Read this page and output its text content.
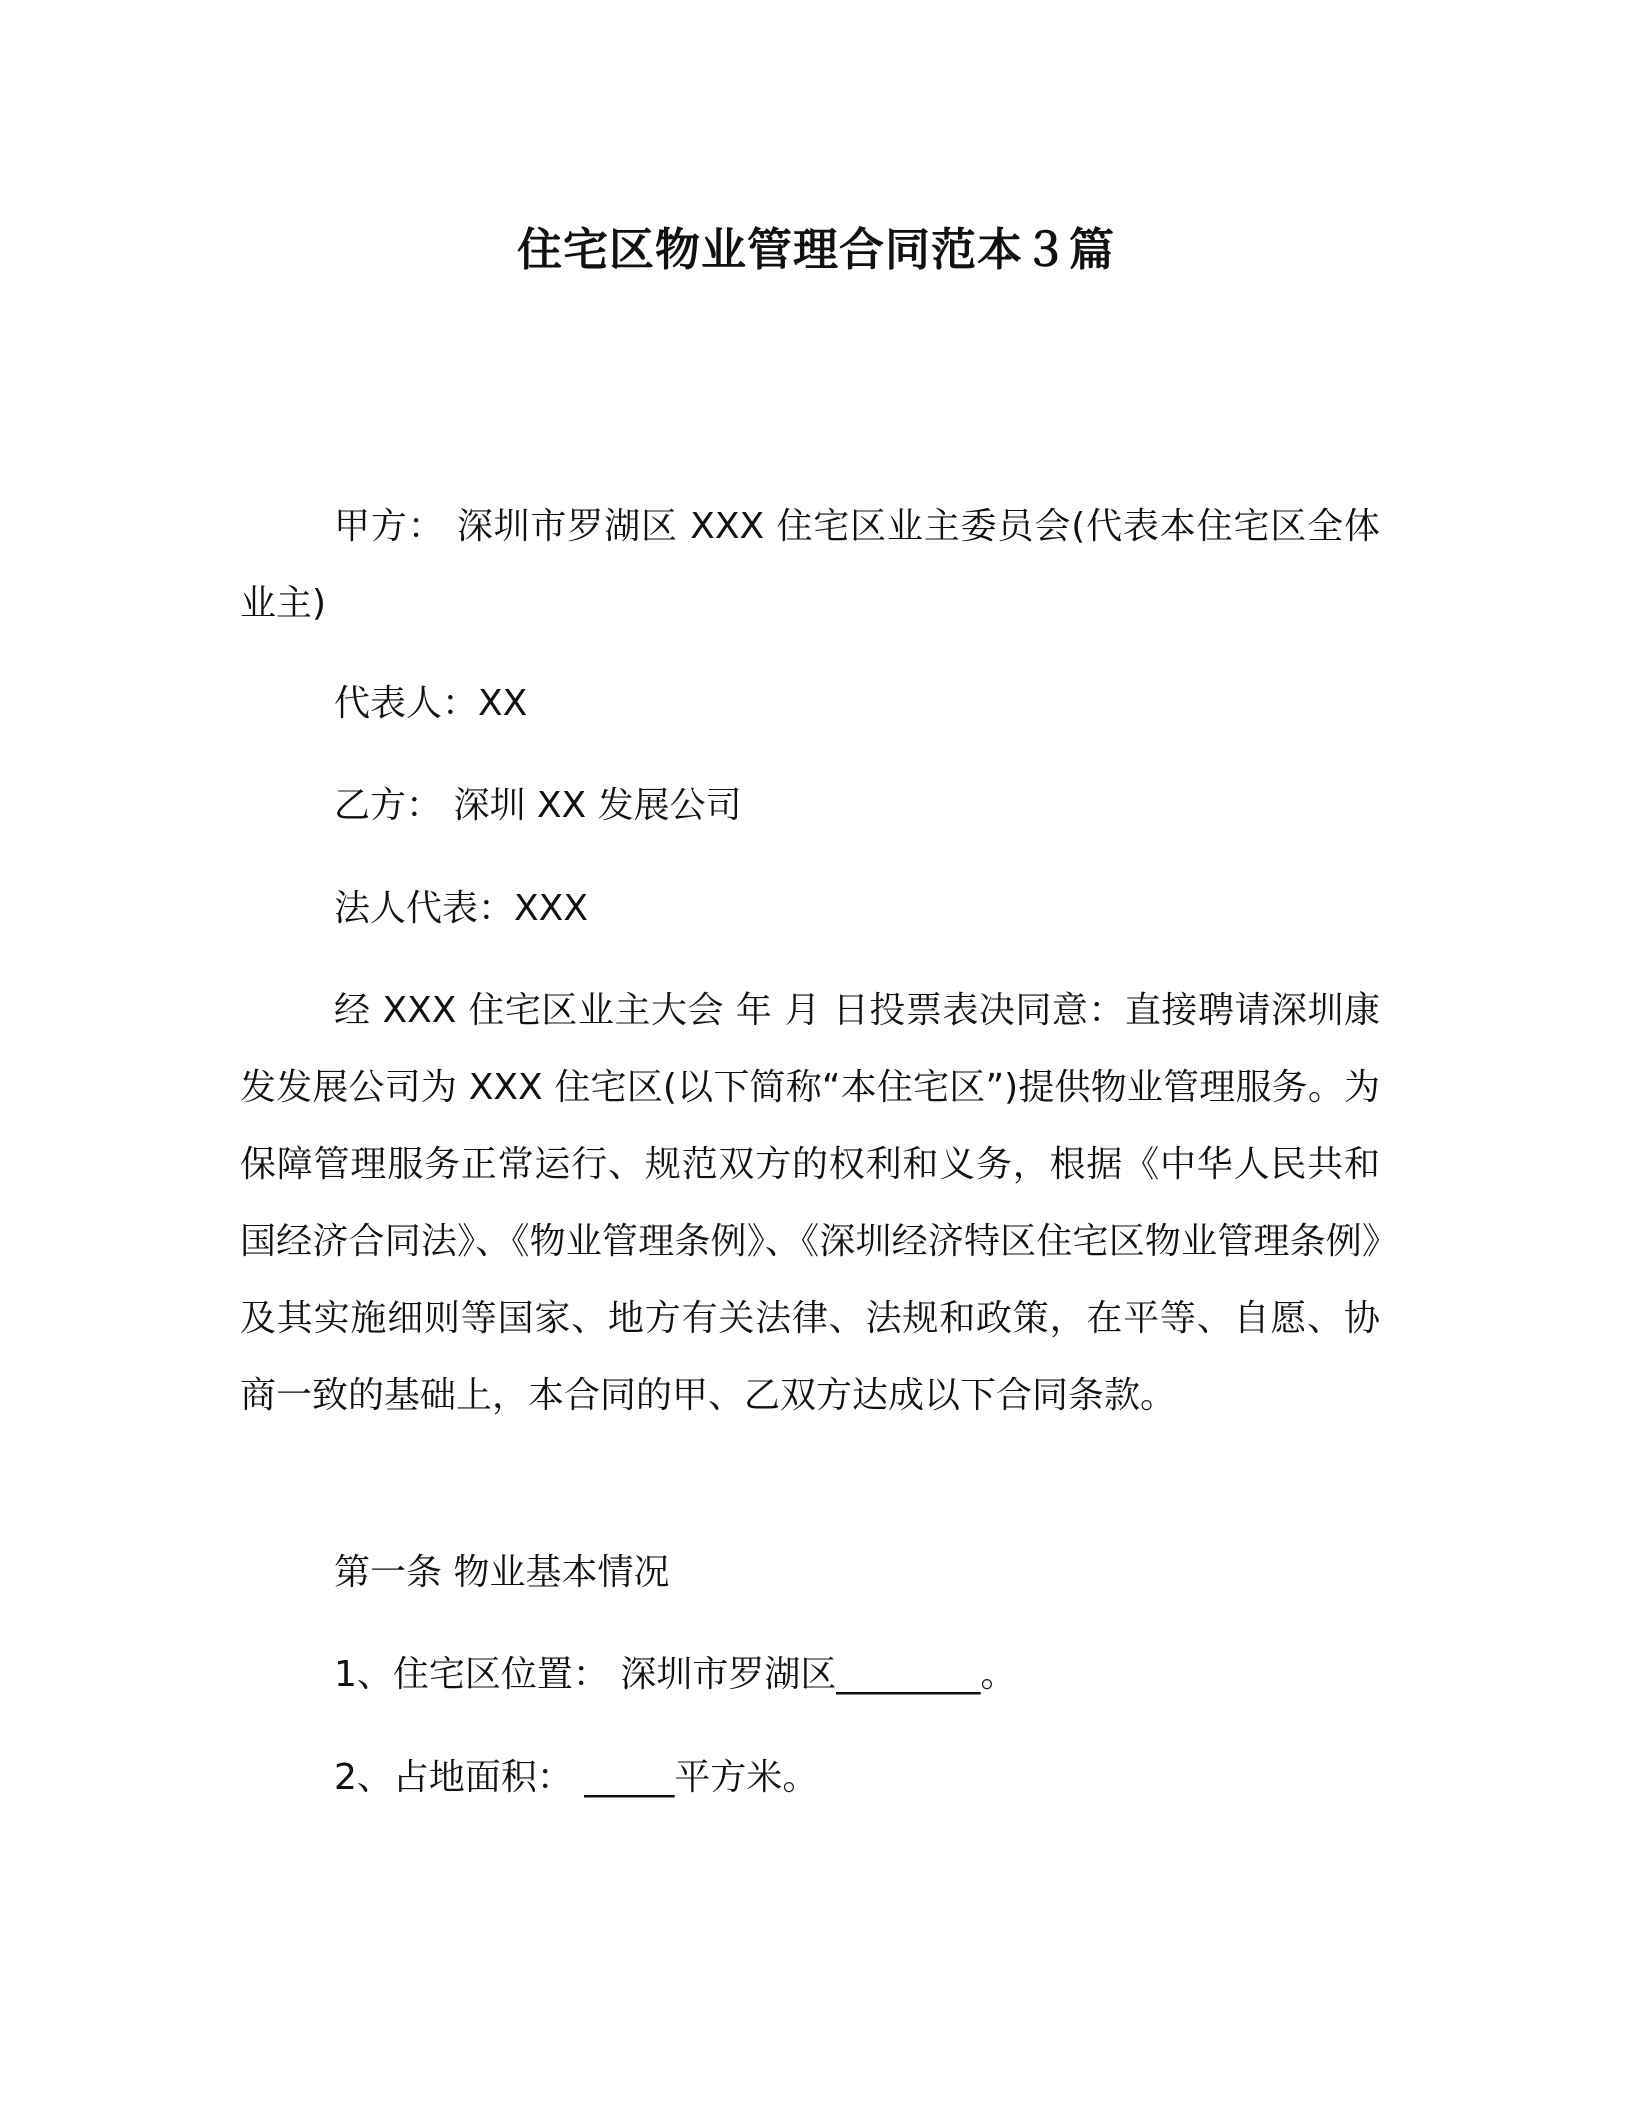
住宅区物业管理合同范本３篇
甲方： 深圳市罗湖区 XXX 住宅区业主委员会(代表本住宅区全体业主)
代表人：XX
乙方： 深圳 XX 发展公司
法人代表：XXX
经 XXX 住宅区业主大会 年 月 日投票表决同意：直接聘请深圳康发发展公司为 XXX 住宅区(以下简称“本住宅区”)提供物业管理服务。为保障管理服务正常运行、规范双方的权利和义务，根据《中华人民共和国经济合同法》、《物业管理条例》、《深圳经济特区住宅区物业管理条例》及其实施细则等国家、地方有关法律、法规和政策，在平等、自愿、协商一致的基础上，本合同的甲、乙双方达成以下合同条款。
第一条 物业基本情况
1、住宅区位置： 深圳市罗湖区________。
2、占地面积： _____平方米。
